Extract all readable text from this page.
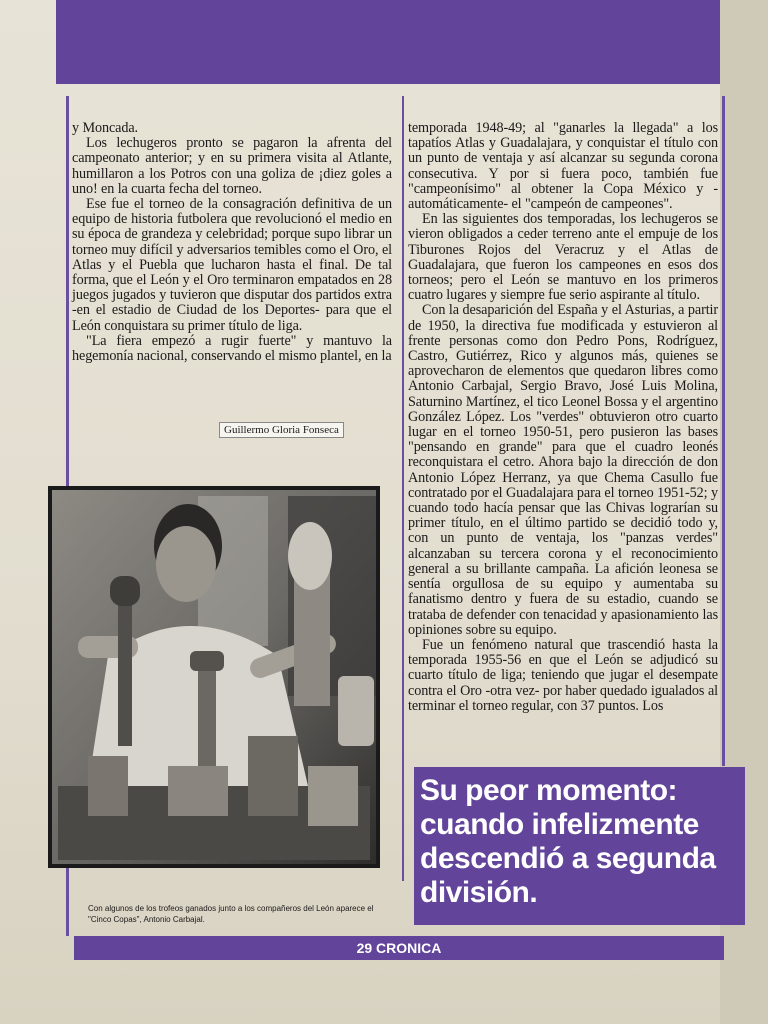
y Moncada.

Los lechugeros pronto se pagaron la afrenta del campeonato anterior; y en su primera visita al Atlante, humillaron a los Potros con una goliza de ¡diez goles a uno! en la cuarta fecha del torneo.

Ese fue el torneo de la consagración definitiva de un equipo de historia futbolera que revolucionó el medio en su época de grandeza y celebridad; porque supo librar un torneo muy difícil y adversarios temibles como el Oro, el Atlas y el Puebla que lucharon hasta el final. De tal forma, que el León y el Oro terminaron empatados en 28 juegos jugados y tuvieron que disputar dos partidos extra -en el estadio de Ciudad de los Deportes- para que el León conquistara su primer título de liga.

"La fiera empezó a rugir fuerte" y mantuvo la hegemonía nacional, conservando el mismo plantel, en la

Guillermo Gloria Fonseca
Con algunos de los trofeos ganados junto a los compañeros del León aparece el "Cinco Copas", Antonio Carbajal.

temporada 1948-49; al "ganarles la llegada" a los tapatíos Atlas y Guadalajara, y conquistar el título con un punto de ventaja y así alcanzar su segunda corona consecutiva. Y por si fuera poco, también fue "campeonísimo" al obtener la Copa México y -automáticamente- el "campeón de campeones".

En las siguientes dos temporadas, los lechugeros se vieron obligados a ceder terreno ante el empuje de los Tiburones Rojos del Veracruz y el Atlas de Guadalajara, que fueron los campeones en esos dos torneos; pero el León se mantuvo en los primeros cuatro lugares y siempre fue serio aspirante al título.

Con la desaparición del España y el Asturias, a partir de 1950, la directiva fue modificada y estuvieron al frente personas como don Pedro Pons, Rodríguez, Castro, Gutiérrez, Rico y algunos más, quienes se aprovecharon de elementos que quedaron libres como Antonio Carbajal, Sergio Bravo, José Luis Molina, Saturnino Martínez, el tico Leonel Bossa y el argentino González López. Los "verdes" obtuvieron otro cuarto lugar en el torneo 1950-51, pero pusieron las bases "pensando en grande" para que el cuadro leonés reconquistara el cetro. Ahora bajo la dirección de don Antonio López Herranz, ya que Chema Casullo fue contratado por el Guadalajara para el torneo 1951-52; y cuando todo hacía pensar que las Chivas lograrían su primer título, en el último partido se decidió todo y, con un punto de ventaja, los "panzas verdes" alcanzaban su tercera corona y el reconocimiento general a su brillante campaña. La afición leonesa se sentía orgullosa de su equipo y aumentaba su fanatismo dentro y fuera de su estadio, cuando se trataba de defender con tenacidad y apasionamiento las opiniones sobre su equipo.

Fue un fenómeno natural que trascendió hasta la temporada 1955-56 en que el León se adjudicó su cuarto título de liga; teniendo que jugar el desempate contra el Oro -otra vez- por haber quedado igualados al terminar el torneo regular, con 37 puntos. Los

Su peor momento: cuando infelizmente descendió a segunda división.
29 CRONICA
